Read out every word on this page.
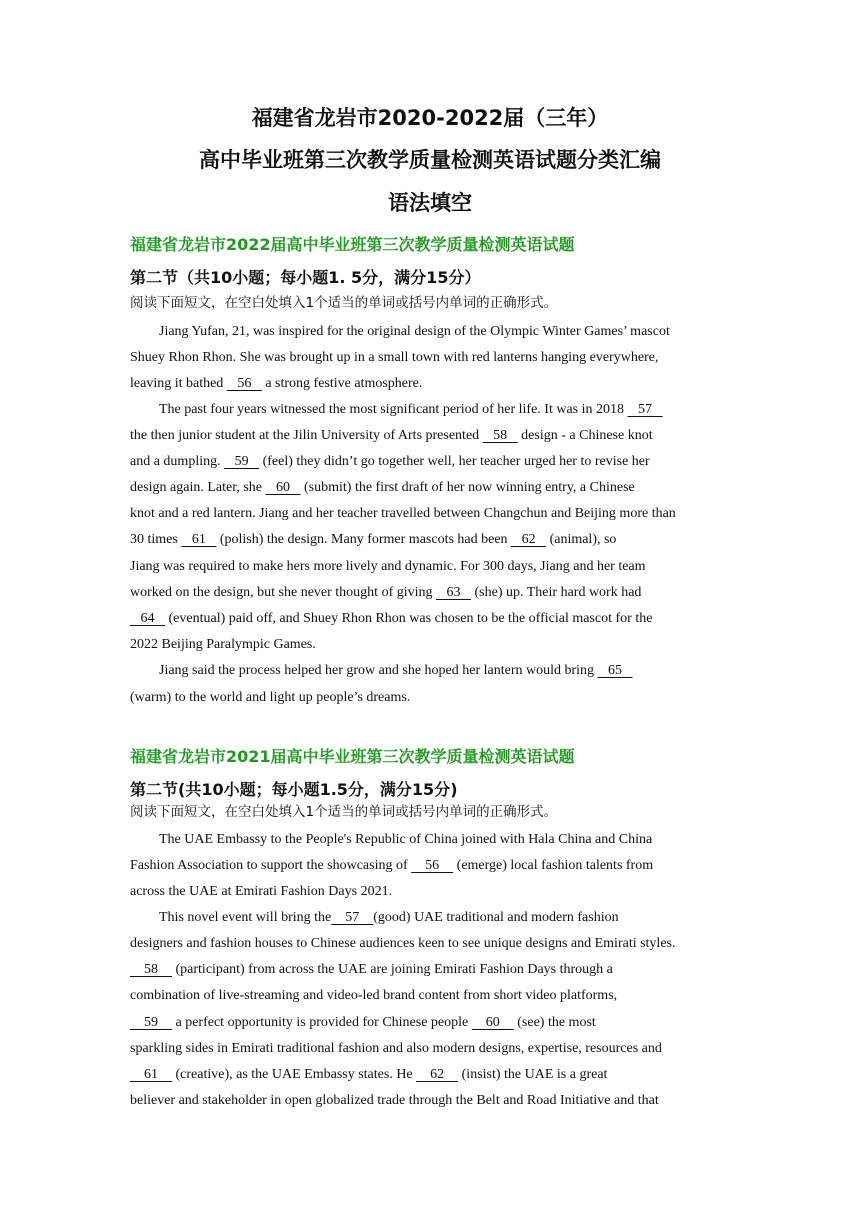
福建省龙岩市2020-2022届（三年）
高中毕业班第三次教学质量检测英语试题分类汇编
语法填空
福建省龙岩市2022届高中毕业班第三次教学质量检测英语试题
第二节（共10小题；每小题1. 5分，满分15分）
阅读下面短文，在空白处填入1个适当的单词或括号内单词的正确形式。
Jiang Yufan, 21, was inspired for the original design of the Olympic Winter Games’ mascot
Shuey Rhon Rhon. She was brought up in a small town with red lanterns hanging everywhere,
leaving it bathed    56    a strong festive atmosphere.
The past four years witnessed the most significant period of her life. It was in 2018    57
the then junior student at the Jilin University of Arts presented    58    design - a Chinese knot
and a dumpling.    59    (feel) they didn’t go together well, her teacher urged her to revise her
design again. Later, she    60    (submit) the first draft of her now winning entry, a Chinese
knot and a red lantern. Jiang and her teacher travelled between Changchun and Beijing more than
30 times    61    (polish) the design. Many former mascots had been    62    (animal), so
Jiang was required to make hers more lively and dynamic. For 300 days, Jiang and her team
worked on the design, but she never thought of giving    63    (she) up. Their hard work had
64    (eventual) paid off, and Shuey Rhon Rhon was chosen to be the official mascot for the
2022 Beijing Paralympic Games.
Jiang said the process helped her grow and she hoped her lantern would bring    65
(warm) to the world and light up people’s dreams.
福建省龙岩市2021届高中毕业班第三次教学质量检测英语试题
第二节(共10小题；每小题1.5分，满分15分)
阅读下面短文，在空白处填入1个适当的单词或括号内单词的正确形式。
The UAE Embassy to the People's Republic of China joined with Hala China and China
Fashion Association to support the showcasing of     56     (emerge) local fashion talents from
across the UAE at Emirati Fashion Days 2021.
This novel event will bring the    57    (good) UAE traditional and modern fashion
designers and fashion houses to Chinese audiences keen to see unique designs and Emirati styles.
58     (participant) from across the UAE are joining Emirati Fashion Days through a
combination of live-streaming and video-led brand content from short video platforms,
59     a perfect opportunity is provided for Chinese people     60     (see) the most
sparkling sides in Emirati traditional fashion and also modern designs, expertise, resources and
61     (creative), as the UAE Embassy states. He     62     (insist) the UAE is a great
believer and stakeholder in open globalized trade through the Belt and Road Initiative and that
